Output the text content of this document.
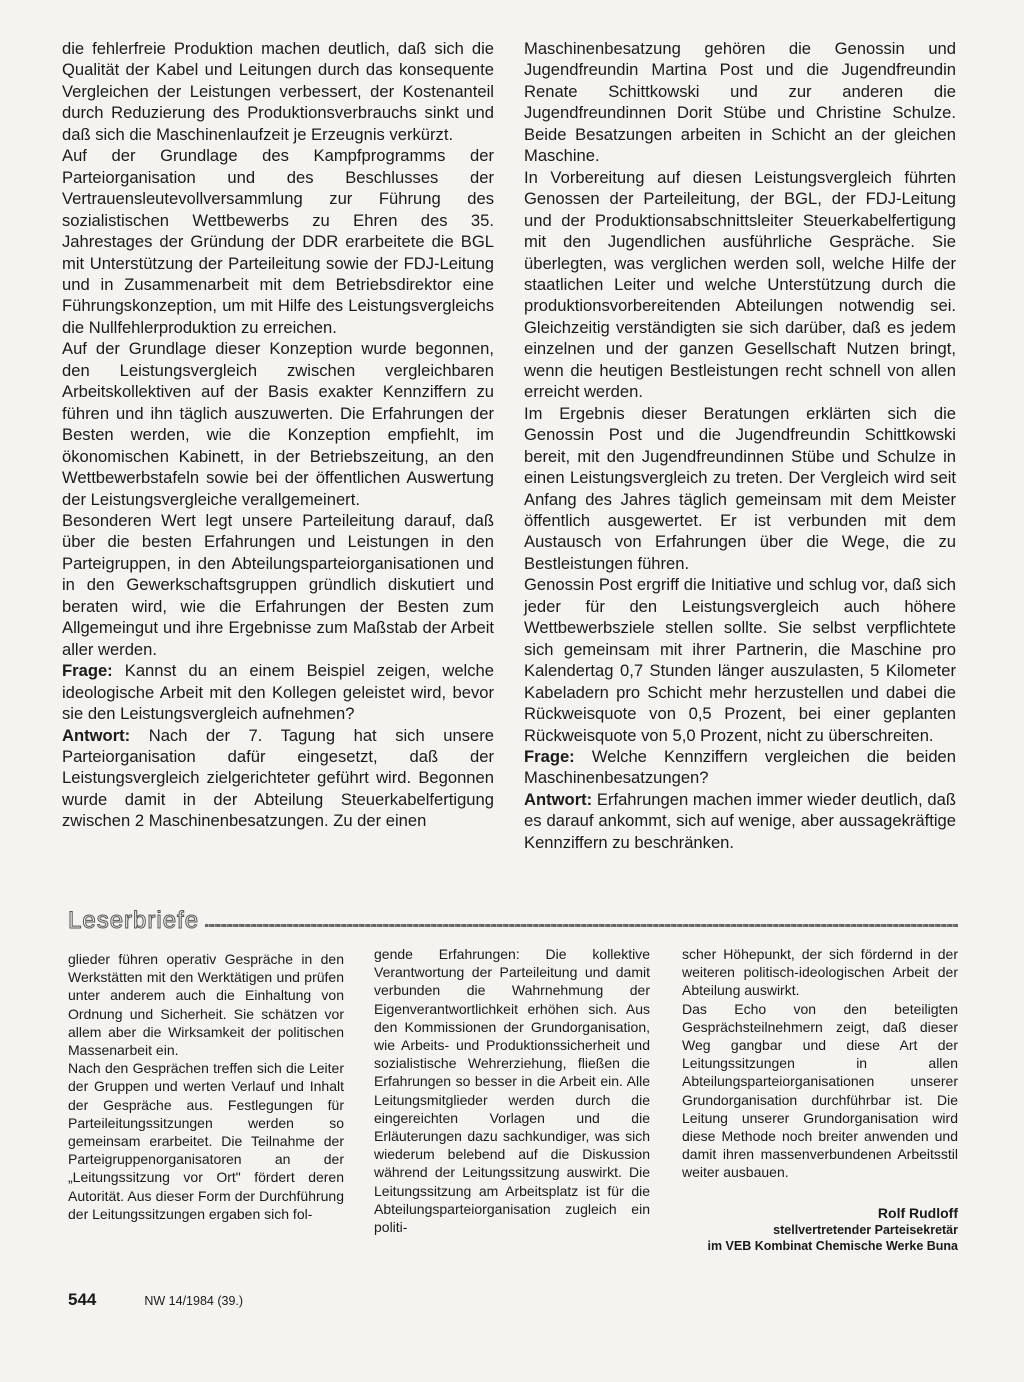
die fehlerfreie Produktion machen deutlich, daß sich die Qualität der Kabel und Leitungen durch das konsequente Vergleichen der Leistungen verbessert, der Kostenanteil durch Reduzierung des Produktionsverbrauchs sinkt und daß sich die Maschinenlaufzeit je Erzeugnis verkürzt.

Auf der Grundlage des Kampfprogramms der Parteiorganisation und des Beschlusses der Vertrauensleutevollversammlung zur Führung des sozialistischen Wettbewerbs zu Ehren des 35. Jahrestages der Gründung der DDR erarbeitete die BGL mit Unterstützung der Parteileitung sowie der FDJ-Leitung und in Zusammenarbeit mit dem Betriebsdirektor eine Führungskonzeption, um mit Hilfe des Leistungsvergleichs die Nullfehlerproduktion zu erreichen.

Auf der Grundlage dieser Konzeption wurde begonnen, den Leistungsvergleich zwischen vergleichbaren Arbeitskollektiven auf der Basis exakter Kennziffern zu führen und ihn täglich auszuwerten. Die Erfahrungen der Besten werden, wie die Konzeption empfiehlt, im ökonomischen Kabinett, in der Betriebszeitung, an den Wettbewerbstafeln sowie bei der öffentlichen Auswertung der Leistungsvergleiche verallgemeinert.

Besonderen Wert legt unsere Parteileitung darauf, daß über die besten Erfahrungen und Leistungen in den Parteigruppen, in den Abteilungsparteiorganisationen und in den Gewerkschaftsgruppen gründlich diskutiert und beraten wird, wie die Erfahrungen der Besten zum Allgemeingut und ihre Ergebnisse zum Maßstab der Arbeit aller werden.

Frage: Kannst du an einem Beispiel zeigen, welche ideologische Arbeit mit den Kollegen geleistet wird, bevor sie den Leistungsvergleich aufnehmen?

Antwort: Nach der 7. Tagung hat sich unsere Parteiorganisation dafür eingesetzt, daß der Leistungsvergleich zielgerichteter geführt wird. Begonnen wurde damit in der Abteilung Steuerkabelfertigung zwischen 2 Maschinenbesatzungen. Zu der einen

Maschinenbesatzung gehören die Genossin und Jugendfreundin Martina Post und die Jugendfreundin Renate Schittkowski und zur anderen die Jugendfreundinnen Dorit Stübe und Christine Schulze. Beide Besatzungen arbeiten in Schicht an der gleichen Maschine.

In Vorbereitung auf diesen Leistungsvergleich führten Genossen der Parteileitung, der BGL, der FDJ-Leitung und der Produktionsabschnittsleiter Steuerkabelfertigung mit den Jugendlichen ausführliche Gespräche. Sie überlegten, was verglichen werden soll, welche Hilfe der staatlichen Leiter und welche Unterstützung durch die produktionsvorbereitenden Abteilungen notwendig sei. Gleichzeitig verständigten sie sich darüber, daß es jedem einzelnen und der ganzen Gesellschaft Nutzen bringt, wenn die heutigen Bestleistungen recht schnell von allen erreicht werden.

Im Ergebnis dieser Beratungen erklärten sich die Genossin Post und die Jugendfreundin Schittkowski bereit, mit den Jugendfreundinnen Stübe und Schulze in einen Leistungsvergleich zu treten. Der Vergleich wird seit Anfang des Jahres täglich gemeinsam mit dem Meister öffentlich ausgewertet. Er ist verbunden mit dem Austausch von Erfahrungen über die Wege, die zu Bestleistungen führen.

Genossin Post ergriff die Initiative und schlug vor, daß sich jeder für den Leistungsvergleich auch höhere Wettbewerbsziele stellen sollte. Sie selbst verpflichtete sich gemeinsam mit ihrer Partnerin, die Maschine pro Kalendertag 0,7 Stunden länger auszulasten, 5 Kilometer Kabeladern pro Schicht mehr herzustellen und dabei die Rückweisquote von 0,5 Prozent, bei einer geplanten Rückweisquote von 5,0 Prozent, nicht zu überschreiten.

Frage: Welche Kennziffern vergleichen die beiden Maschinenbesatzungen?

Antwort: Erfahrungen machen immer wieder deutlich, daß es darauf ankommt, sich auf wenige, aber aussagekräftige Kennziffern zu beschränken.

Leserbriefe

glieder führen operativ Gespräche in den Werkstätten mit den Werktätigen und prüfen unter anderem auch die Einhaltung von Ordnung und Sicherheit. Sie schätzen vor allem aber die Wirksamkeit der politischen Massenarbeit ein.

Nach den Gesprächen treffen sich die Leiter der Gruppen und werten Verlauf und Inhalt der Gespräche aus. Festlegungen für Parteileitungssitzungen werden so gemeinsam erarbeitet. Die Teilnahme der Parteigruppenorganisatoren an der „Leitungssitzung vor Ort" fördert deren Autorität. Aus dieser Form der Durchführung der Leitungssitzungen ergaben sich fol-

gende Erfahrungen: Die kollektive Verantwortung der Parteileitung und damit verbunden die Wahrnehmung der Eigenverantwortlichkeit erhöhen sich. Aus den Kommissionen der Grundorganisation, wie Arbeits- und Produktionssicherheit und sozialistische Wehrerziehung, fließen die Erfahrungen so besser in die Arbeit ein. Alle Leitungsmitglieder werden durch die eingereichten Vorlagen und die Erläuterungen dazu sachkundiger, was sich wiederum belebend auf die Diskussion während der Leitungssitzung auswirkt. Die Leitungssitzung am Arbeitsplatz ist für die Abteilungsparteiorganisation zugleich ein politi-

scher Höhepunkt, der sich fördernd in der weiteren politisch-ideologischen Arbeit der Abteilung auswirkt.

Das Echo von den beteiligten Gesprächsteilnehmern zeigt, daß dieser Weg gangbar und diese Art der Leitungssitzungen in allen Abteilungsparteiorganisationen unserer Grundorganisation durchführbar ist. Die Leitung unserer Grundorganisation wird diese Methode noch breiter anwenden und damit ihren massenverbundenen Arbeitsstil weiter ausbauen.

Rolf Rudloff
stellvertretender Parteisekretär
im VEB Kombinat Chemische Werke Buna
544	NW 14/1984 (39.)
